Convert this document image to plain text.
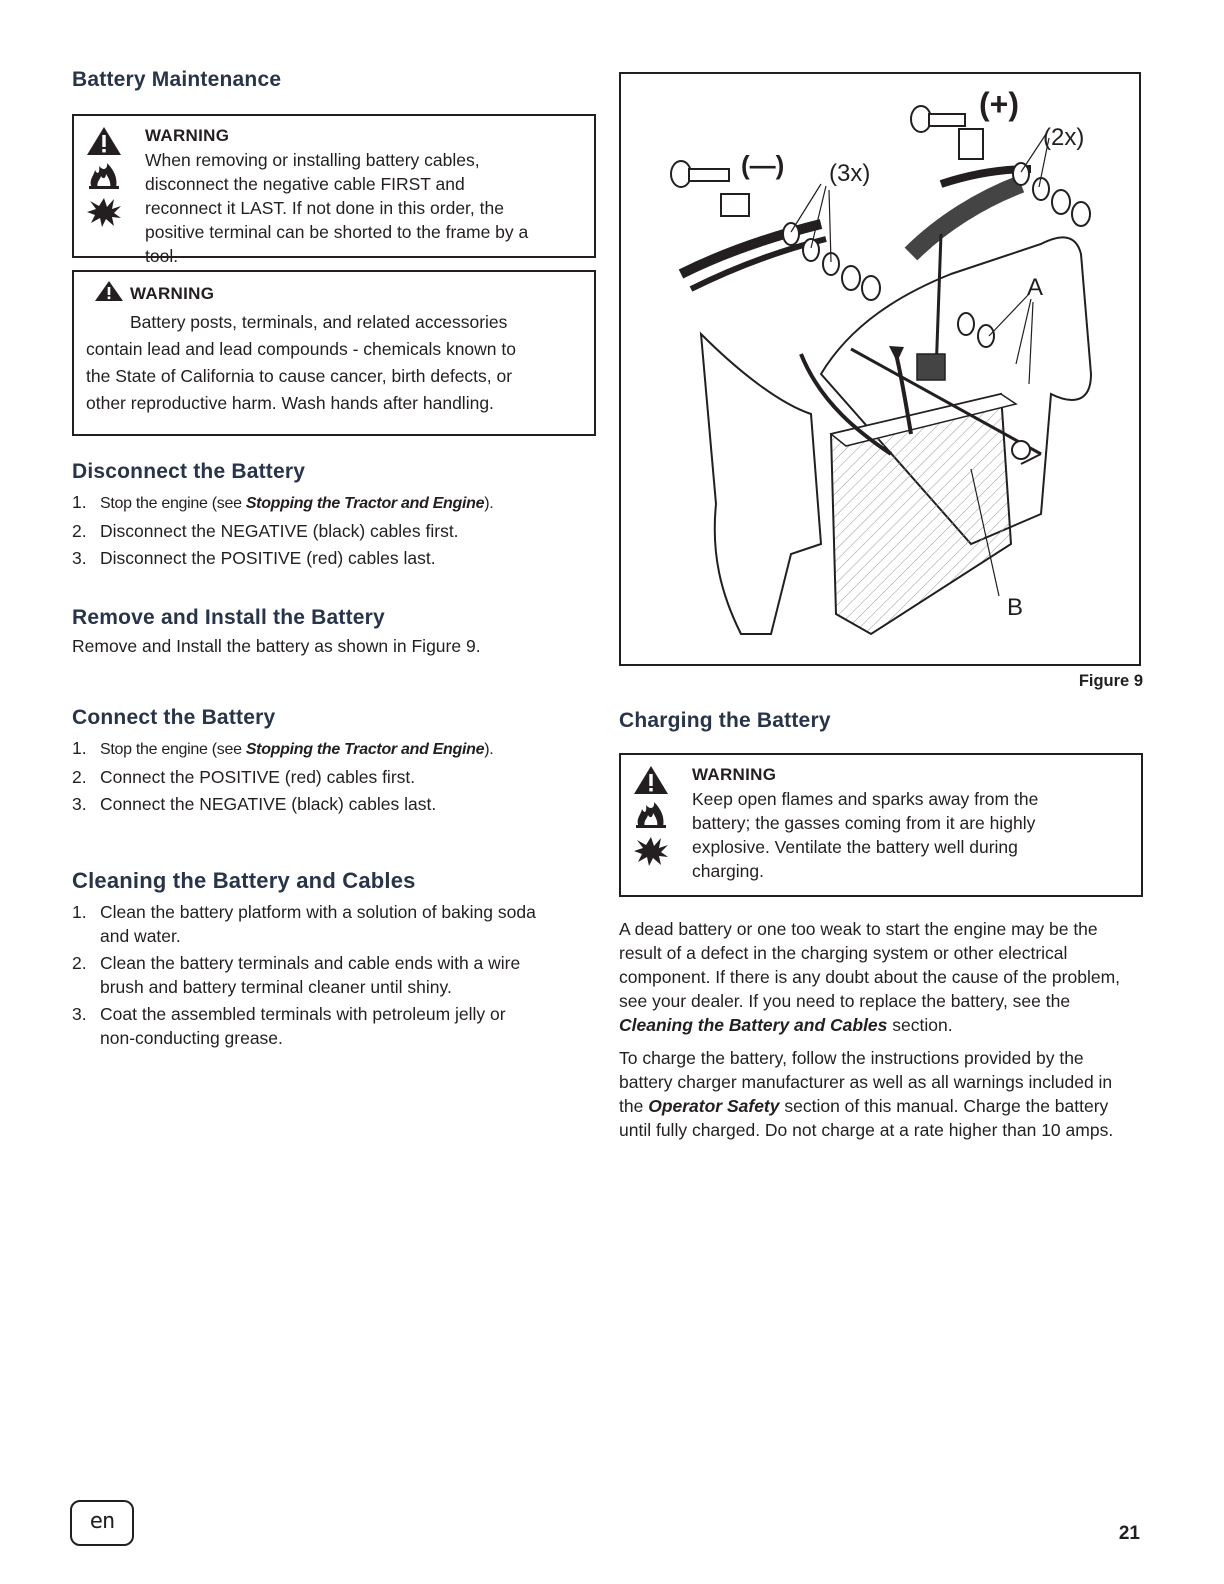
Battery Maintenance
WARNING
When removing or installing battery cables,
disconnect the negative cable FIRST and
reconnect it LAST. If not done in this order, the
positive terminal can be shorted to the frame by a
tool.
WARNING
Battery posts, terminals, and related accessories
contain lead and lead compounds - chemicals known to
the State of California to cause cancer, birth defects, or
other reproductive harm. Wash hands after handling.
Disconnect the Battery
1. Stop the engine (see Stopping the Tractor and Engine).
2. Disconnect the NEGATIVE (black) cables first.
3. Disconnect the POSITIVE (red) cables last.
Remove and Install the Battery

Remove and Install the battery as shown in Figure 9.

Connect the Battery
1. Stop the engine (see Stopping the Tractor and Engine).
2. Connect the POSITIVE (red) cables first.
3. Connect the NEGATIVE (black) cables last.
Cleaning the Battery and Cables
1. Clean the battery platform with a solution of baking soda
and water.
2. Clean the battery terminals and cable ends with a wire
brush and battery terminal cleaner until shiny.
3. Coat the assembled terminals with petroleum jelly or
non-conducting grease.
(+)
(2x)
(—) (3x)
A
B
Figure 9
Charging the Battery
WARNING
Keep open flames and sparks away from the
battery; the gasses coming from it are highly
explosive. Ventilate the battery well during
charging.

A dead battery or one too weak to start the engine may be the result of a defect in the charging system or other electrical component. If there is any doubt about the cause of the problem, see your dealer. If you need to replace the battery, see the Cleaning the Battery and Cables section.

To charge the battery, follow the instructions provided by the battery charger manufacturer as well as all warnings included in the Operator Safety section of this manual. Charge the battery until fully charged. Do not charge at a rate higher than 10 amps.

en	21
